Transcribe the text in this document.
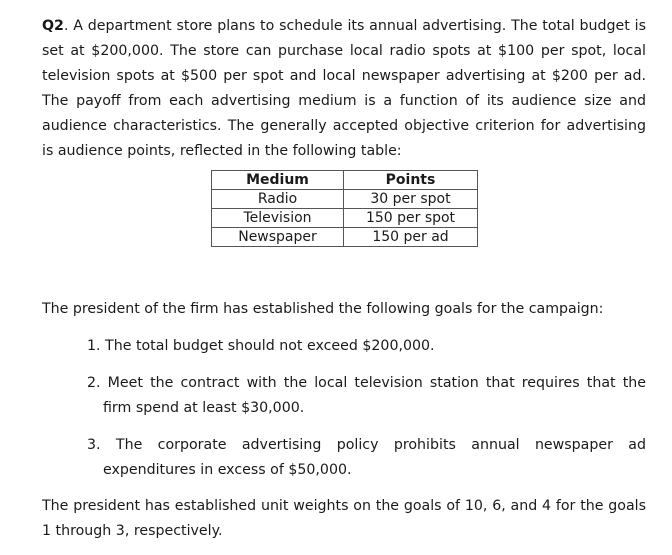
Q2. A department store plans to schedule its annual advertising. The total budget is set at $200,000. The store can purchase local radio spots at $100 per spot, local television spots at $500 per spot and local newspaper advertising at $200 per ad. The payoff from each advertising medium is a function of its audience size and audience characteristics. The generally accepted objective criterion for advertising is audience points, reflected in the following table:

Medium	Points
Radio	30 per spot
Television	150 per spot
Newspaper	150 per ad

The president of the firm has established the following goals for the campaign:

1. The total budget should not exceed $200,000.
2. Meet the contract with the local television station that requires that the firm spend at least $30,000.
3. The corporate advertising policy prohibits annual newspaper ad expenditures in excess of $50,000.

The president has established unit weights on the goals of 10, 6, and 4 for the goals 1 through 3, respectively.
